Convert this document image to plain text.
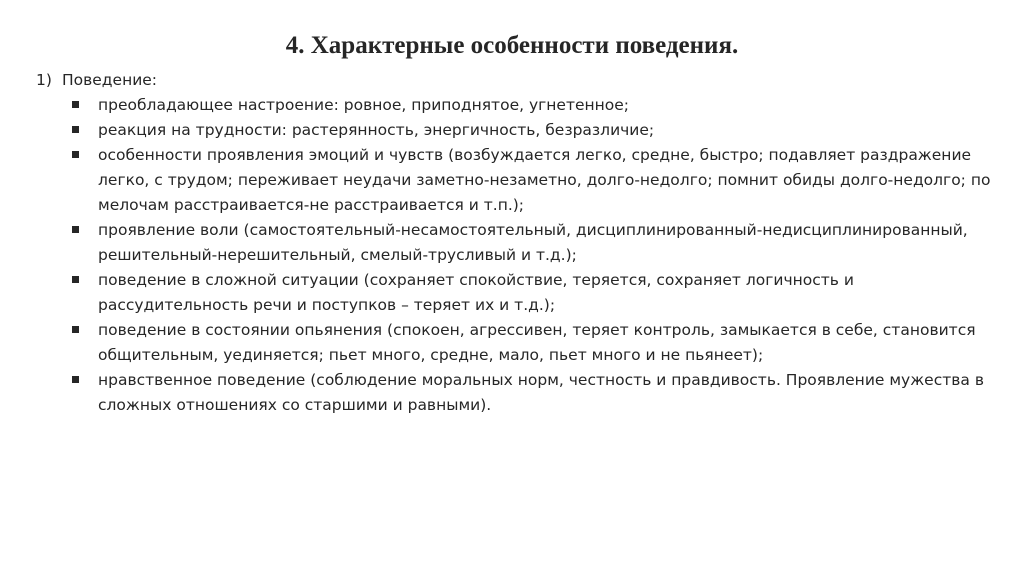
4. Характерные особенности поведения.
1) Поведение:
преобладающее настроение: ровное, приподнятое, угнетенное;
реакция на трудности: растерянность, энергичность, безразличие;
особенности проявления эмоций и чувств (возбуждается легко, средне, быстро; подавляет раздражение легко, с трудом; переживает неудачи заметно-незаметно, долго-недолго; помнит обиды долго-недолго; по мелочам расстраивается-не расстраивается и т.п.);
проявление воли (самостоятельный-несамостоятельный, дисциплинированный-недисциплинированный, решительный-нерешительный, смелый-трусливый и т.д.);
поведение в сложной ситуации (сохраняет спокойствие, теряется, сохраняет логичность и рассудительность речи и поступков – теряет их и т.д.);
поведение в состоянии опьянения (спокоен, агрессивен, теряет контроль, замыкается в себе, становится общительным, уединяется; пьет много, средне, мало, пьет много и не пьянеет);
нравственное поведение (соблюдение моральных норм, честность и правдивость. Проявление мужества в сложных отношениях со старшими и равными).
